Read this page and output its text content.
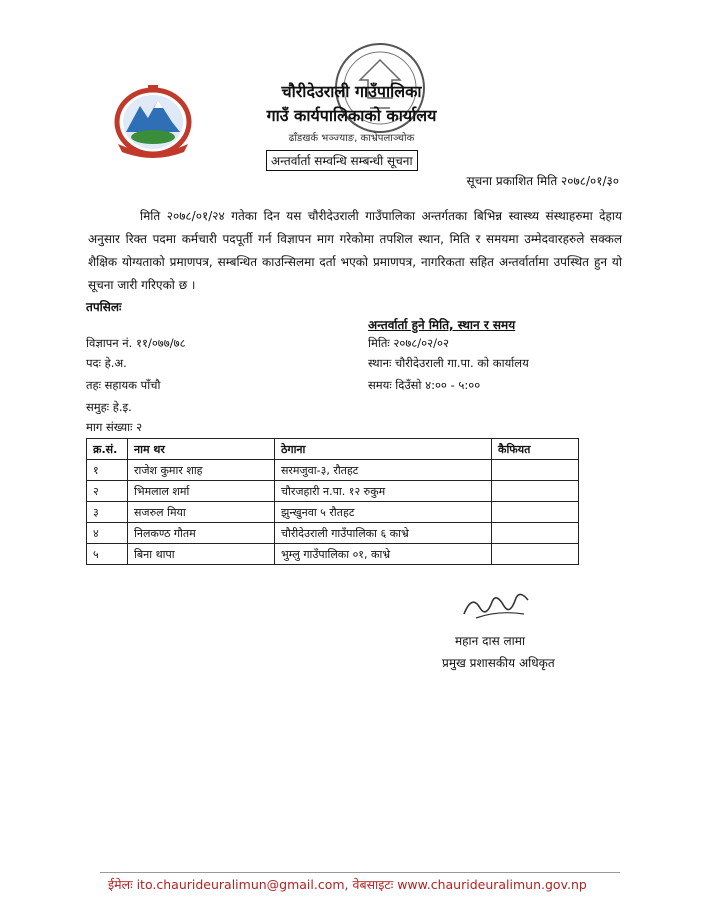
चौरीदेउराली गाउँपालिका
गाउँ कार्यपालिकाको कार्यालय
ढाँडखर्क भञ्ज्याङ, काभ्रेपलाञ्चोक
अन्तर्वार्ता सम्वन्धि सम्बन्धी सूचना
सूचना प्रकाशित मिति २०७८/०१/३०
मिति २०७८/०१/२४ गतेका दिन यस चौरीदेउराली गाउँपालिका अन्तर्गतका बिभिन्न स्वास्थ्य संस्थाहरुमा देहाय अनुसार रिक्त पदमा कर्मचारी पदपूर्ती गर्न विज्ञापन माग गरेकोमा तपशिल स्थान, मिति र समयमा उम्मेदवारहरुले सक्कल शैक्षिक योग्यताको प्रमाणपत्र, सम्बन्धित काउन्सिलमा दर्ता भएको प्रमाणपत्र, नागरिकता सहित अन्तर्वार्तामा उपस्थित हुन यो सूचना जारी गरिएको छ ।
तपसिलः
अन्तर्वार्ता हुने मिति, स्थान र समय
विज्ञापन नं. ११/०७७/७८
पदः हे.अ.
तहः सहायक पाँचौ
समुहः हे.इ.
माग संख्याः २
मितिः २०७८/०२/०२
स्थानः चौरीदेउराली गा.पा. को कार्यालय
समयः दिउँसो ४:०० - ५:००
क्र.सं.	नाम थर	ठेगाना	कैफियत
१	राजेश कुमार शाह	सरमजुवा-३, रौतहट	
२	भिमलाल शर्मा	चौरजहारी न.पा. १२ रुकुम	
३	सजरुल मिया	झुन्खुनवा ५ रौतहट	
४	निलकण्ठ गौतम	चौरीदेउराली गाउँपालिका ६ काभ्रे	
५	बिना थापा	भुम्लु गाउँपालिका ०१, काभ्रे	
महान दास लामा
प्रमुख प्रशासकीय अधिकृत
ईमेलः ito.chaurideuralimun@gmail.com, वेबसाइटः www.chaurideuralimun.gov.np
